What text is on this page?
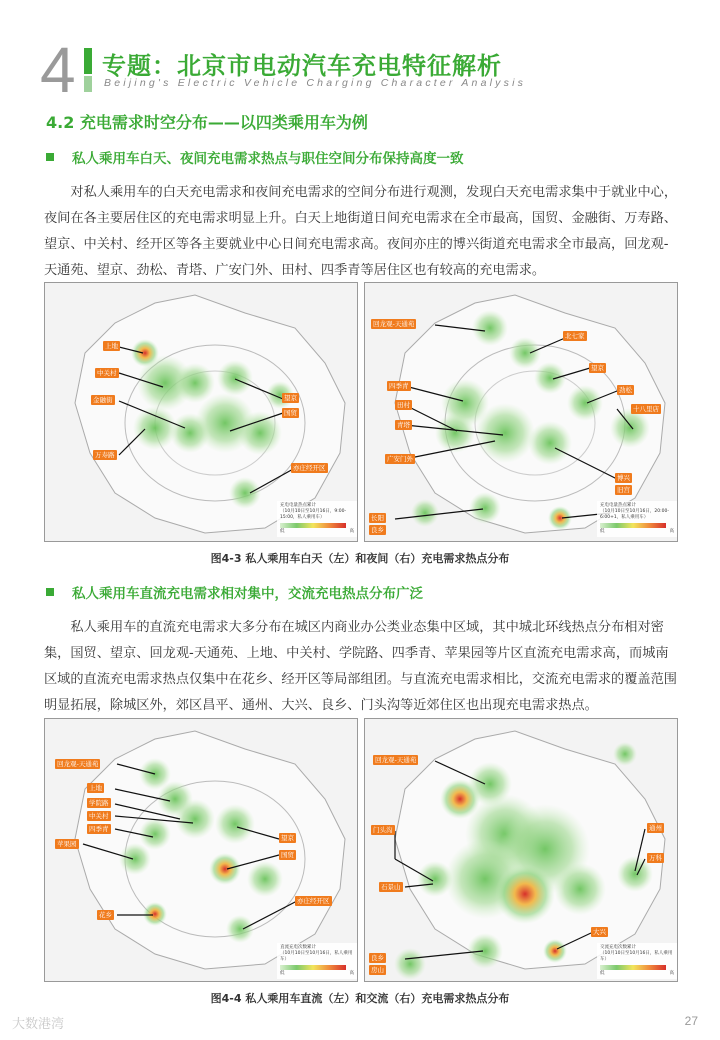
4 专题：北京市电动汽车充电特征解析
Beijing's Electric Vehicle Charging Character Analysis
4.2 充电需求时空分布——以四类乘用车为例
私人乘用车白天、夜间充电需求热点与职住空间分布保持高度一致

对私人乘用车的白天充电需求和夜间充电需求的空间分布进行观测，发现白天充电需求集中于就业中心，夜间在各主要居住区的充电需求明显上升。白天上地街道日间充电需求在全市最高，国贸、金融街、万寿路、望京、中关村、经开区等各主要就业中心日间充电需求高。夜间亦庄的博兴街道充电需求全市最高，回龙观-天通苑、望京、劲松、青塔、广安门外、田村、四季青等居住区也有较高的充电需求。

上地
中关村
金融街
万寿路
望京
国贸
亦庄经开区
充电电量热点累计
（10月10日至10月16日，9:00-15:00，私人乘用车）
低	高
回龙观-天通苑
北七家
望京
四季青
田村
青塔
广安门外
劲松
十八里店
博兴
旧宫
长阳
良乡
充电电量热点累计
（10月10日至10月16日，20:00-6:00+1，私人乘用车）
低	高
图4-3 私人乘用车白天（左）和夜间（右）充电需求热点分布
私人乘用车直流充电需求相对集中，交流充电热点分布广泛

私人乘用车的直流充电需求大多分布在城区内商业办公类业态集中区域，其中城北环线热点分布相对密集，国贸、望京、回龙观-天通苑、上地、中关村、学院路、四季青、苹果园等片区直流充电需求高，而城南区域的直流充电需求热点仅集中在花乡、经开区等局部组团。与直流充电需求相比，交流充电需求的覆盖范围明显拓展，除城区外，郊区昌平、通州、大兴、良乡、门头沟等近郊住区也出现充电需求热点。

回龙观-天通苑
上地
学院路
中关村
四季青
苹果园
望京
国贸
花乡
亦庄经开区
直流充电次数累计
（10月10日至10月16日，私人乘用车）
低	高
回龙观-天通苑
门头沟
石景山
通州
万科
大兴
良乡
房山
交流充电次数累计
（10月10日至10月16日，私人乘用车）
低	高
图4-4 私人乘用车直流（左）和交流（右）充电需求热点分布
大数港湾	27
